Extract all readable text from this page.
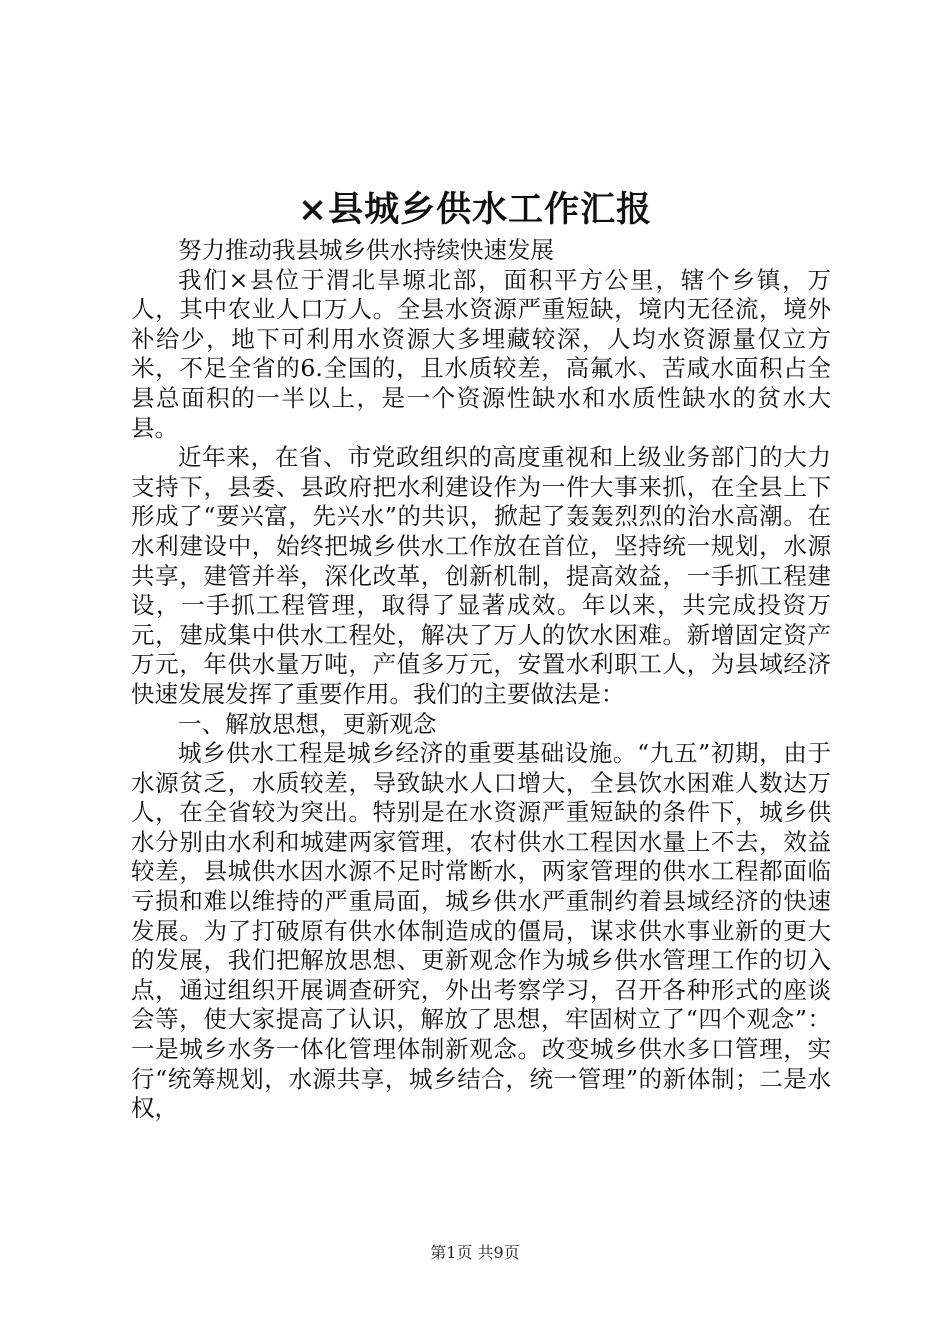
×县城乡供水工作汇报

努力推动我县城乡供水持续快速发展

我们×县位于渭北旱塬北部，面积平方公里，辖个乡镇，万人，其中农业人口万人。全县水资源严重短缺，境内无径流，境外补给少，地下可利用水资源大多埋藏较深，人均水资源量仅立方米，不足全省的6.全国的，且水质较差，高氟水、苦咸水面积占全县总面积的一半以上，是一个资源性缺水和水质性缺水的贫水大县。

近年来，在省、市党政组织的高度重视和上级业务部门的大力支持下，县委、县政府把水利建设作为一件大事来抓，在全县上下形成了“要兴富，先兴水”的共识，掀起了轰轰烈烈的治水高潮。在水利建设中，始终把城乡供水工作放在首位，坚持统一规划，水源共享，建管并举，深化改革，创新机制，提高效益，一手抓工程建设，一手抓工程管理，取得了显著成效。年以来，共完成投资万元，建成集中供水工程处，解决了万人的饮水困难。新增固定资产万元，年供水量万吨，产值多万元，安置水利职工人，为县域经济快速发展发挥了重要作用。我们的主要做法是：

一、解放思想，更新观念

城乡供水工程是城乡经济的重要基础设施。“九五”初期，由于水源贫乏，水质较差，导致缺水人口增大，全县饮水困难人数达万人，在全省较为突出。特别是在水资源严重短缺的条件下，城乡供水分别由水利和城建两家管理，农村供水工程因水量上不去，效益较差，县城供水因水源不足时常断水，两家管理的供水工程都面临亏损和难以维持的严重局面，城乡供水严重制约着县域经济的快速发展。为了打破原有供水体制造成的僵局，谋求供水事业新的更大的发展，我们把解放思想、更新观念作为城乡供水管理工作的切入点，通过组织开展调查研究，外出考察学习，召开各种形式的座谈会等，使大家提高了认识，解放了思想，牢固树立了“四个观念”：一是城乡水务一体化管理体制新观念。改变城乡供水多口管理，实行“统筹规划，水源共享，城乡结合，统一管理”的新体制；二是水权，

第1页 共9页
